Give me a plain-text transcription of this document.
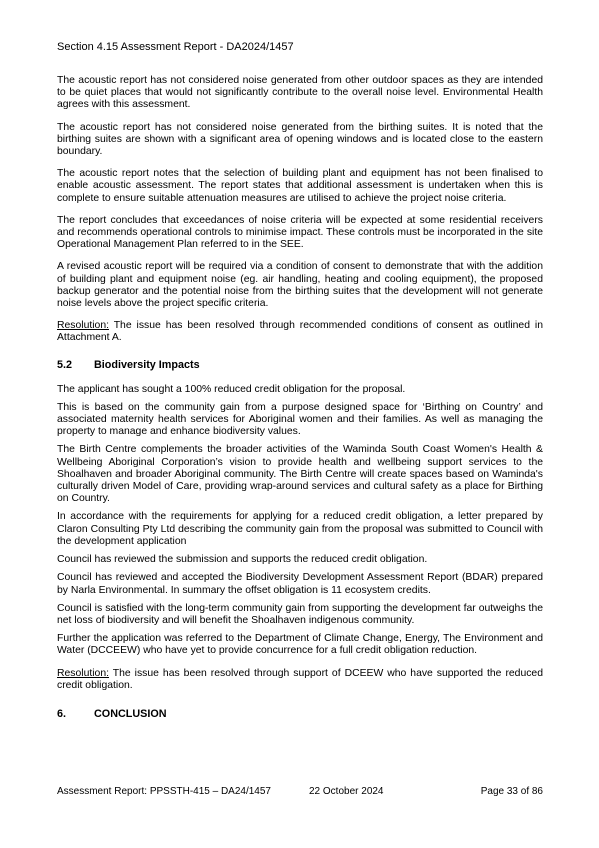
Section 4.15 Assessment Report - DA2024/1457

The acoustic report has not considered noise generated from other outdoor spaces as they are intended to be quiet places that would not significantly contribute to the overall noise level. Environmental Health agrees with this assessment.

The acoustic report has not considered noise generated from the birthing suites. It is noted that the birthing suites are shown with a significant area of opening windows and is located close to the eastern boundary.

The acoustic report notes that the selection of building plant and equipment has not been finalised to enable acoustic assessment. The report states that additional assessment is undertaken when this is complete to ensure suitable attenuation measures are utilised to achieve the project noise criteria.

The report concludes that exceedances of noise criteria will be expected at some residential receivers and recommends operational controls to minimise impact. These controls must be incorporated in the site Operational Management Plan referred to in the SEE.

A revised acoustic report will be required via a condition of consent to demonstrate that with the addition of building plant and equipment noise (eg. air handling, heating and cooling equipment), the proposed backup generator and the potential noise from the birthing suites that the development will not generate noise levels above the project specific criteria.

Resolution: The issue has been resolved through recommended conditions of consent as outlined in Attachment A.

5.2	Biodiversity Impacts

The applicant has sought a 100% reduced credit obligation for the proposal.

This is based on the community gain from a purpose designed space for ‘Birthing on Country’ and associated maternity health services for Aboriginal women and their families. As well as managing the property to manage and enhance biodiversity values.

The Birth Centre complements the broader activities of the Waminda South Coast Women's Health & Wellbeing Aboriginal Corporation’s vision to provide health and wellbeing support services to the Shoalhaven and broader Aboriginal community. The Birth Centre will create spaces based on Waminda's culturally driven Model of Care, providing wrap-around services and cultural safety as a place for Birthing on Country.

In accordance with the requirements for applying for a reduced credit obligation, a letter prepared by Claron Consulting Pty Ltd describing the community gain from the proposal was submitted to Council with the development application

Council has reviewed the submission and supports the reduced credit obligation.

Council has reviewed and accepted the Biodiversity Development Assessment Report (BDAR) prepared by Narla Environmental. In summary the offset obligation is 11 ecosystem credits.

Council is satisfied with the long-term community gain from supporting the development far outweighs the net loss of biodiversity and will benefit the Shoalhaven indigenous community.

Further the application was referred to the Department of Climate Change, Energy, The Environment and Water (DCCEEW) who have yet to provide concurrence for a full credit obligation reduction.

Resolution: The issue has been resolved through support of DCEEW who have supported the reduced credit obligation.

6.	CONCLUSION
Assessment Report: PPSSTH-415 – DA24/1457	22 October 2024	Page 33 of 86
